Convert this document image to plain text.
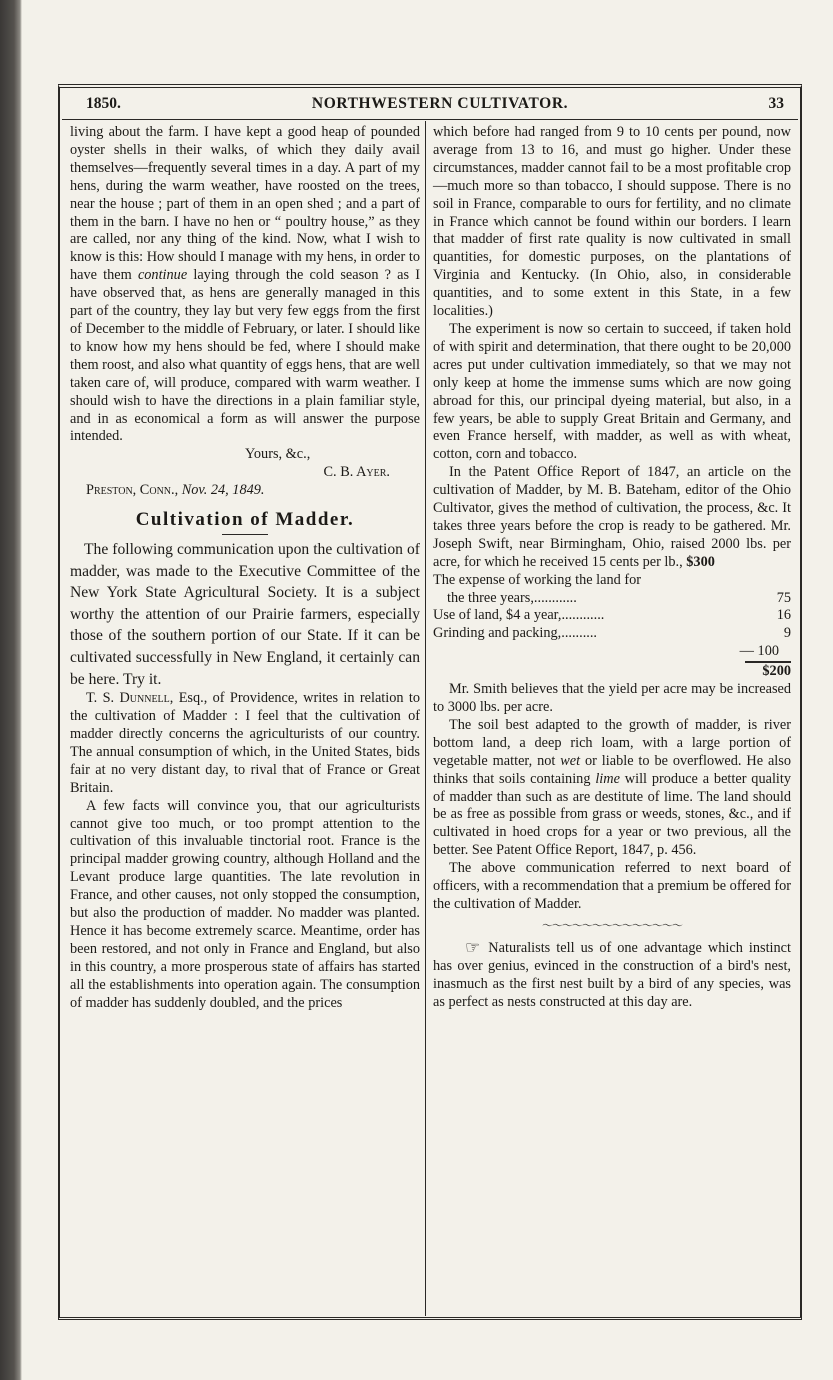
1850.	NORTHWESTERN CULTIVATOR.	33

living about the farm. I have kept a good heap of pounded oyster shells in their walks, of which they daily avail themselves—frequently several times in a day. A part of my hens, during the warm weather, have roosted on the trees, near the house ; part of them in an open shed ; and a part of them in the barn. I have no hen or “ poultry house,” as they are called, nor any thing of the kind. Now, what I wish to know is this: How should I manage with my hens, in order to have them continue laying through the cold season ? as I have observed that, as hens are generally managed in this part of the country, they lay but very few eggs from the first of December to the middle of February, or later. I should like to know how my hens should be fed, where I should make them roost, and also what quantity of eggs hens, that are well taken care of, will produce, compared with warm weather. I should wish to have the directions in a plain familiar style, and in as economical a form as will answer the purpose intended.

Yours, &c.,
C. B. Ayer.

Preston, Conn., Nov. 24, 1849.

Cultivation of Madder.

The following communication upon the cultivation of madder, was made to the Executive Committee of the New York State Agricultural Society. It is a subject worthy the attention of our Prairie farmers, especially those of the southern portion of our State. If it can be cultivated successfully in New England, it certainly can be here. Try it.

T. S. Dunnell, Esq., of Providence, writes in relation to the cultivation of Madder : I feel that the cultivation of madder directly concerns the agriculturists of our country. The annual consumption of which, in the United States, bids fair at no very distant day, to rival that of France or Great Britain.

A few facts will convince you, that our agriculturists cannot give too much, or too prompt attention to the cultivation of this invaluable tinctorial root. France is the principal madder growing country, although Holland and the Levant produce large quantities. The late revolution in France, and other causes, not only stopped the consumption, but also the production of madder. No madder was planted. Hence it has become extremely scarce. Meantime, order has been restored, and not only in France and England, but also in this country, a more prosperous state of affairs has started all the establishments into operation again. The consumption of madder has suddenly doubled, and the prices

which before had ranged from 9 to 10 cents per pound, now average from 13 to 16, and must go higher. Under these circumstances, madder cannot fail to be a most profitable crop—much more so than tobacco, I should suppose. There is no soil in France, comparable to ours for fertility, and no climate in France which cannot be found within our borders. I learn that madder of first rate quality is now cultivated in small quantities, for domestic purposes, on the plantations of Virginia and Kentucky. (In Ohio, also, in considerable quantities, and to some extent in this State, in a few localities.)

The experiment is now so certain to succeed, if taken hold of with spirit and determination, that there ought to be 20,000 acres put under cultivation immediately, so that we may not only keep at home the immense sums which are now going abroad for this, our principal dyeing material, but also, in a few years, be able to supply Great Britain and Germany, and even France herself, with madder, as well as with wheat, cotton, corn and tobacco.

In the Patent Office Report of 1847, an article on the cultivation of Madder, by M. B. Bateham, editor of the Ohio Cultivator, gives the method of cultivation, the process, &c. It takes three years before the crop is ready to be gathered. Mr. Joseph Swift, near Birmingham, Ohio, raised 2000 lbs. per acre, for which he received 15 cents per lb., $300

The expense of working the land for

the three years,............	75
Use of land, $4 a year,............	16
Grinding and packing,..........	9
— 100
$200

Mr. Smith believes that the yield per acre may be increased to 3000 lbs. per acre.

The soil best adapted to the growth of madder, is river bottom land, a deep rich loam, with a large portion of vegetable matter, not wet or liable to be overflowed. He also thinks that soils containing lime will produce a better quality of madder than such as are destitute of lime. The land should be as free as possible from grass or weeds, stones, &c., and if cultivated in hoed crops for a year or two previous, all the better. See Patent Office Report, 1847, p. 456.

The above communication referred to next board of officers, with a recommendation that a premium be offered for the cultivation of Madder.

〜〜〜〜〜〜〜〜〜〜〜〜〜〜

☞ Naturalists tell us of one advantage which instinct has over genius, evinced in the construction of a bird's nest, inasmuch as the first nest built by a bird of any species, was as perfect as nests constructed at this day are.
